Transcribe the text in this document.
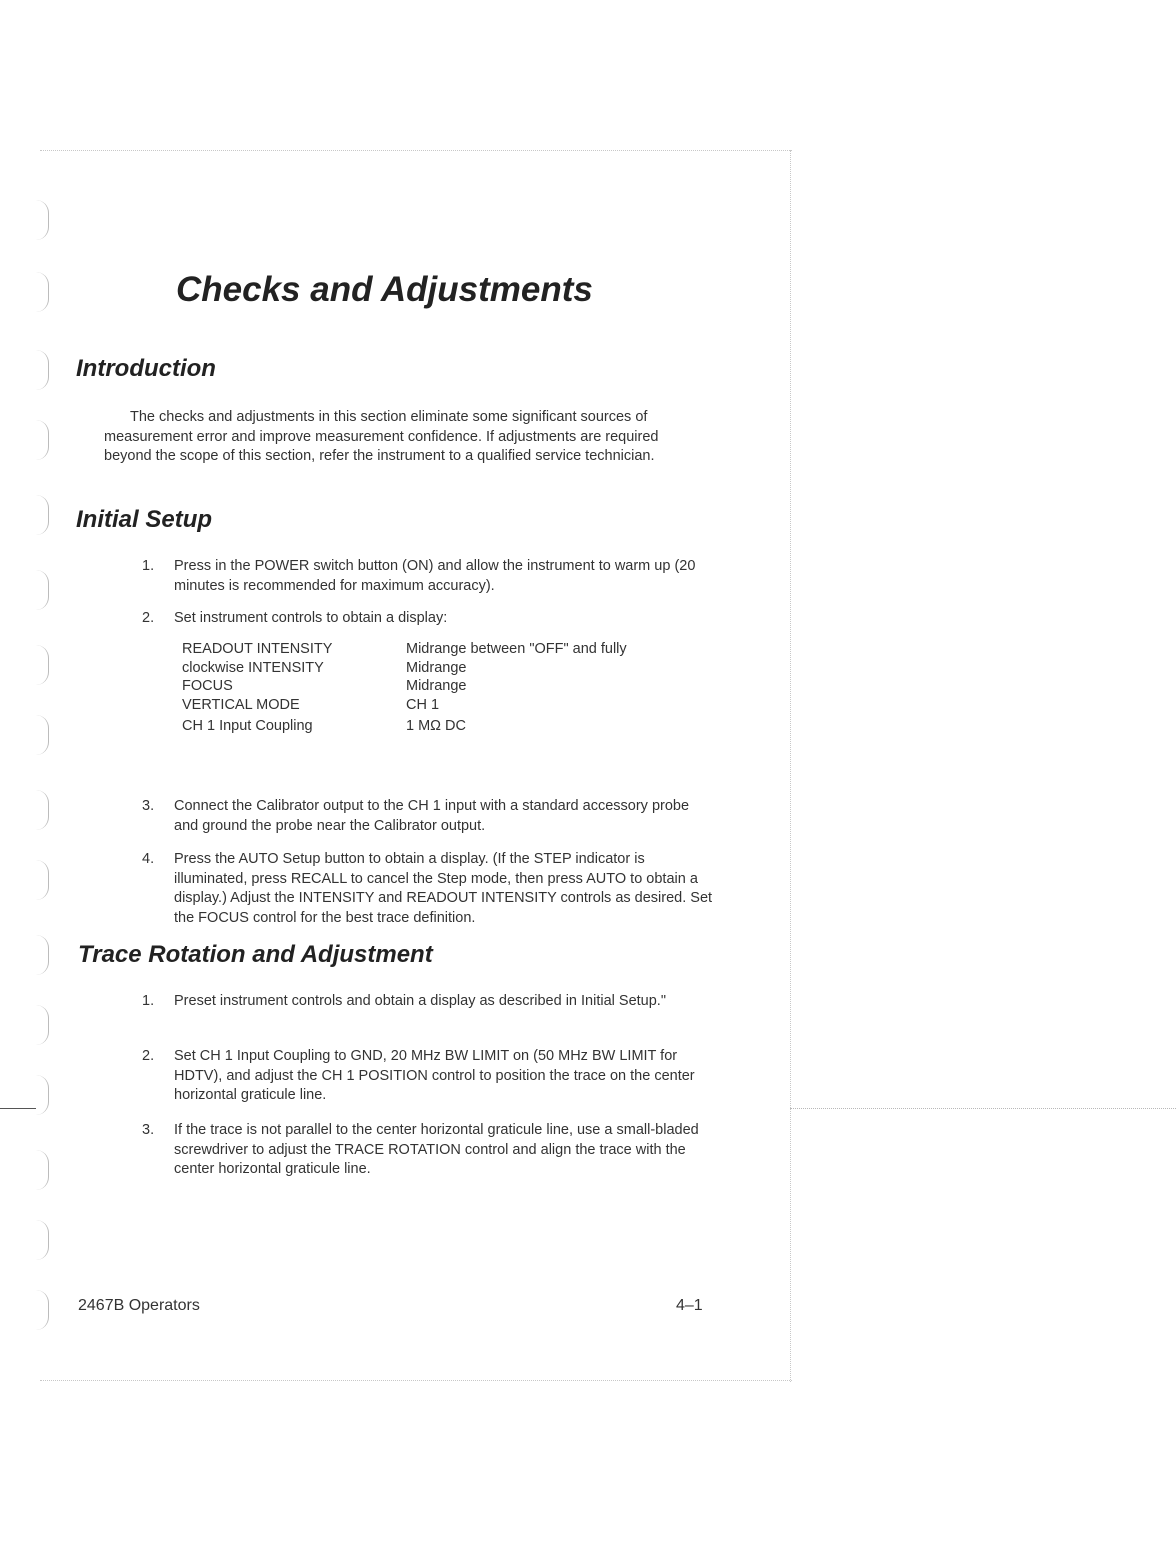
Checks and Adjustments
Introduction

The checks and adjustments in this section eliminate some significant sources of measurement error and improve measurement confidence. If adjustments are required beyond the scope of this section, refer the instrument to a qualified service technician.

Initial Setup
1.	Press in the POWER switch button (ON) and allow the instrument to warm up (20 minutes is recommended for maximum accuracy).
2.	Set instrument controls to obtain a display:
READOUT INTENSITY	Midrange between "OFF" and fully
clockwise INTENSITY	Midrange
FOCUS	Midrange
VERTICAL MODE	CH 1
CH 1 Input Coupling	1 MΩ DC
3.	Connect the Calibrator output to the CH 1 input with a standard accessory probe and ground the probe near the Calibrator output.
4.	Press the AUTO Setup button to obtain a display. (If the STEP indicator is illuminated, press RECALL to cancel the Step mode, then press AUTO to obtain a display.) Adjust the INTENSITY and READOUT INTENSITY controls as desired. Set the FOCUS control for the best trace definition.
Trace Rotation and Adjustment
1.	Preset instrument controls and obtain a display as described in Initial Setup."
2.	Set CH 1 Input Coupling to GND, 20 MHz BW LIMIT on (50 MHz BW LIMIT for HDTV), and adjust the CH 1 POSITION control to position the trace on the center horizontal graticule line.
3.	If the trace is not parallel to the center horizontal graticule line, use a small-bladed screwdriver to adjust the TRACE ROTATION control and align the trace with the center horizontal graticule line.
2467B Operators	4–1
